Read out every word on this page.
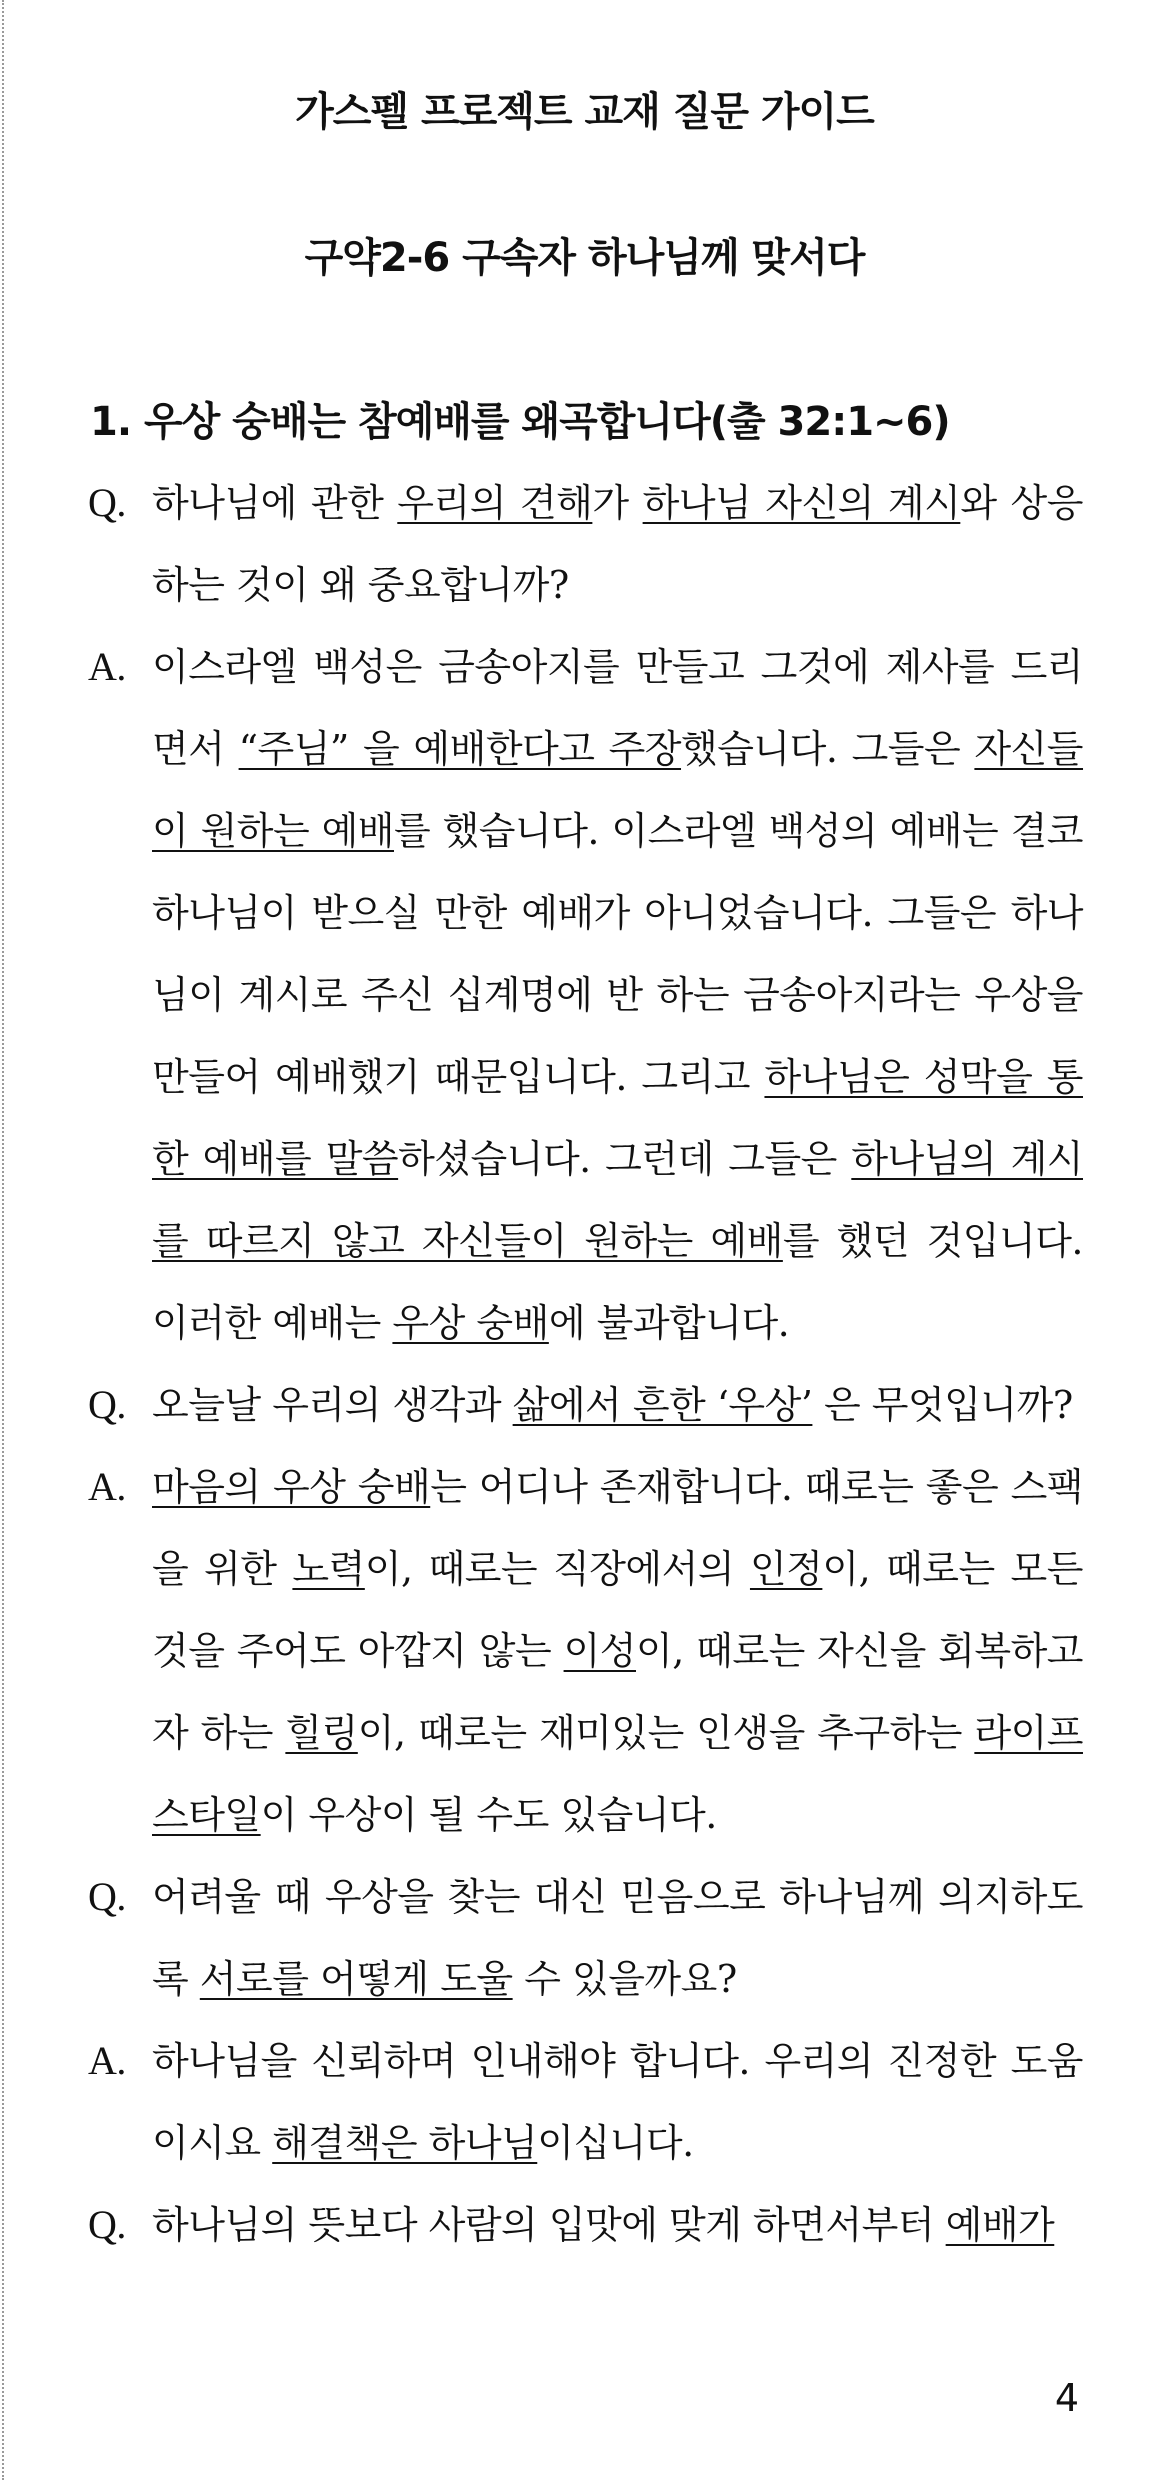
가스펠 프로젝트 교재 질문 가이드
구약2-6 구속자 하나님께 맞서다
1. 우상 숭배는 참예배를 왜곡합니다(출 32:1~6)
Q. 하나님에 관한 우리의 견해가 하나님 자신의 계시와 상응하는 것이 왜 중요합니까?
A. 이스라엘 백성은 금송아지를 만들고 그것에 제사를 드리면서 “주님” 을 예배한다고 주장했습니다. 그들은 자신들이 원하는 예배를 했습니다. 이스라엘 백성의 예배는 결코 하나님이 받으실 만한 예배가 아니었습니다. 그들은 하나님이 계시로 주신 십계명에 반 하는 금송아지라는 우상을 만들어 예배했기 때문입니다. 그리고 하나님은 성막을 통한 예배를 말씀하셨습니다. 그런데 그들은 하나님의 계시를 따르지 않고 자신들이 원하는 예배를 했던 것입니다. 이러한 예배는 우상 숭배에 불과합니다.
Q. 오늘날 우리의 생각과 삶에서 흔한 ‘우상’ 은 무엇입니까?
A. 마음의 우상 숭배는 어디나 존재합니다. 때로는 좋은 스팩을 위한 노력이, 때로는 직장에서의 인정이, 때로는 모든 것을 주어도 아깝지 않는 이성이, 때로는 자신을 회복하고자 하는 힐링이, 때로는 재미있는 인생을 추구하는 라이프스타일이 우상이 될 수도 있습니다.
Q. 어려울 때 우상을 찾는 대신 믿음으로 하나님께 의지하도록 서로를 어떻게 도울 수 있을까요?
A. 하나님을 신뢰하며 인내해야 합니다. 우리의 진정한 도움이시요 해결책은 하나님이십니다.
Q. 하나님의 뜻보다 사람의 입맛에 맞게 하면서부터 예배가
4
